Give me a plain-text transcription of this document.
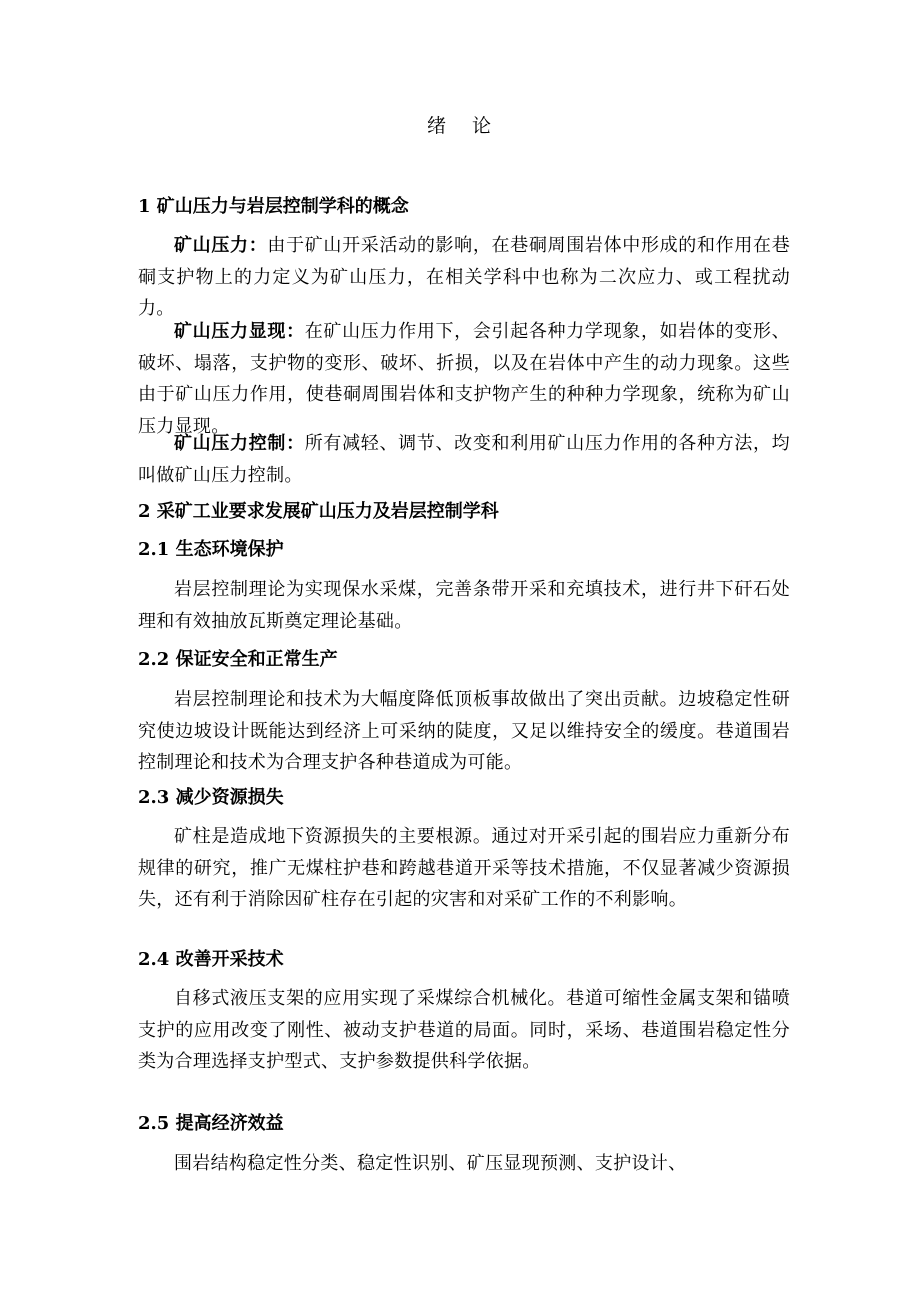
绪 论
1 矿山压力与岩层控制学科的概念
矿山压力：由于矿山开采活动的影响，在巷硐周围岩体中形成的和作用在巷硐支护物上的力定义为矿山压力，在相关学科中也称为二次应力、或工程扰动力。
矿山压力显现：在矿山压力作用下，会引起各种力学现象，如岩体的变形、破坏、塌落，支护物的变形、破坏、折损，以及在岩体中产生的动力现象。这些由于矿山压力作用，使巷硐周围岩体和支护物产生的种种力学现象，统称为矿山压力显现。
矿山压力控制：所有减轻、调节、改变和利用矿山压力作用的各种方法，均叫做矿山压力控制。
2 采矿工业要求发展矿山压力及岩层控制学科
2.1 生态环境保护
岩层控制理论为实现保水采煤，完善条带开采和充填技术，进行井下矸石处理和有效抽放瓦斯奠定理论基础。
2.2 保证安全和正常生产
岩层控制理论和技术为大幅度降低顶板事故做出了突出贡献。边坡稳定性研究使边坡设计既能达到经济上可采纳的陡度，又足以维持安全的缓度。巷道围岩控制理论和技术为合理支护各种巷道成为可能。
2.3 减少资源损失
矿柱是造成地下资源损失的主要根源。通过对开采引起的围岩应力重新分布规律的研究，推广无煤柱护巷和跨越巷道开采等技术措施，不仅显著减少资源损失，还有利于消除因矿柱存在引起的灾害和对采矿工作的不利影响。
2.4 改善开采技术
自移式液压支架的应用实现了采煤综合机械化。巷道可缩性金属支架和锚喷支护的应用改变了刚性、被动支护巷道的局面。同时，采场、巷道围岩稳定性分类为合理选择支护型式、支护参数提供科学依据。
2.5 提高经济效益
围岩结构稳定性分类、稳定性识别、矿压显现预测、支护设计、
